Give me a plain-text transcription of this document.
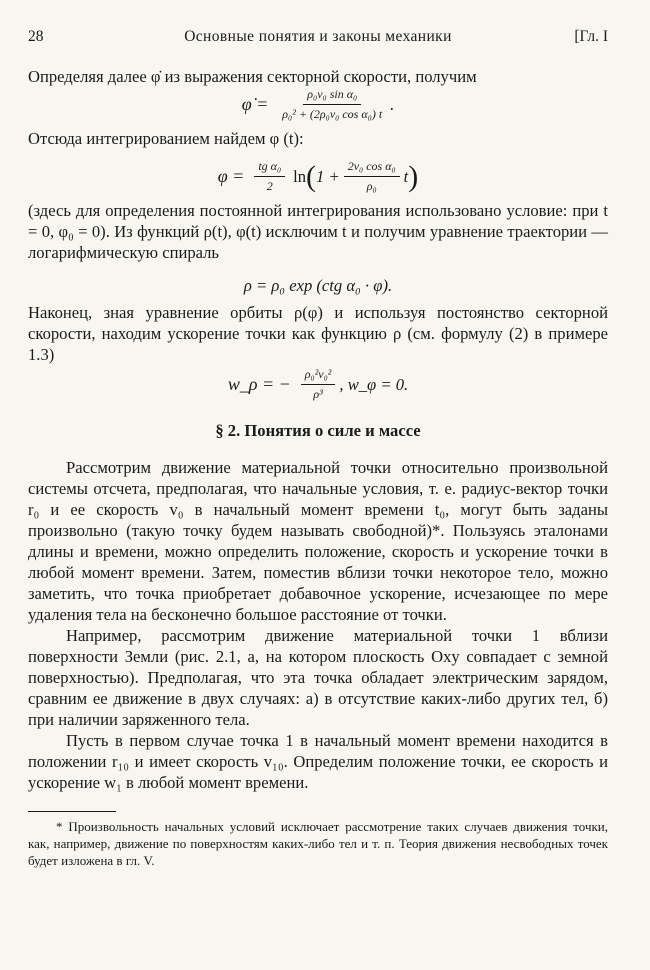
28	Основные понятия и законы механики	[Гл. I

Определяя далее φ̇ из выражения секторной скорости, получим

φ̇ = $\frac{\text{ρ₀v₀ sin α₀}}{\text{ρ₀² + (2ρ₀v₀ cos α₀) t}}$ .

Отсюда интегрированием найдем φ (t):

$\varphi = \frac{\text{tg α₀}}{2}$ ln ( $1 + \frac{\text{2v₀ cos α₀}}{\text{ρ₀}}$ t )

(здесь для определения постоянной интегрирования использовано условие: при t = 0, φ₀ = 0). Из функций ρ(t), φ(t) исключим t и получим уравнение траектории — логарифмическую спираль

ρ = ρ₀ exp (ctg α₀ · φ).

Наконец, зная уравнение орбиты ρ(φ) и используя постоянство секторной скорости, находим ускорение точки как функцию ρ (см. формулу (2) в примере 1.3)

w_ρ = − $\frac{\text{ρ₀²v₀²}}{\text{ρ³}}$ , w_φ = 0.
§ 2. Понятия о силе и массе

Рассмотрим движение материальной точки относительно произвольной системы отсчета, предполагая, что начальные условия, т. е. радиус-вектор точки r₀ и ее скорость v₀ в начальный момент времени t₀, могут быть заданы произвольно (такую точку будем называть свободной)*. Пользуясь эталонами длины и времени, можно определить положение, скорость и ускорение точки в любой момент времени. Затем, поместив вблизи точки некоторое тело, можно заметить, что точка приобретает добавочное ускорение, исчезающее по мере удаления тела на бесконечно большое расстояние от точки.

Например, рассмотрим движение материальной точки 1 вблизи поверхности Земли (рис. 2.1, a, на котором плоскость Oxy совпадает с земной поверхностью). Предполагая, что эта точка обладает электрическим зарядом, сравним ее движение в двух случаях: а) в отсутствие каких-либо других тел, б) при наличии заряженного тела.

Пусть в первом случае точка 1 в начальный момент времени находится в положении r₁₀ и имеет скорость v₁₀. Определим положение точки, ее скорость и ускорение w₁ в любой момент времени.

* Произвольность начальных условий исключает рассмотрение таких случаев движения точки, как, например, движение по поверхностям каких-либо тел и т. п. Теория движения несвободных точек будет изложена в гл. V.
